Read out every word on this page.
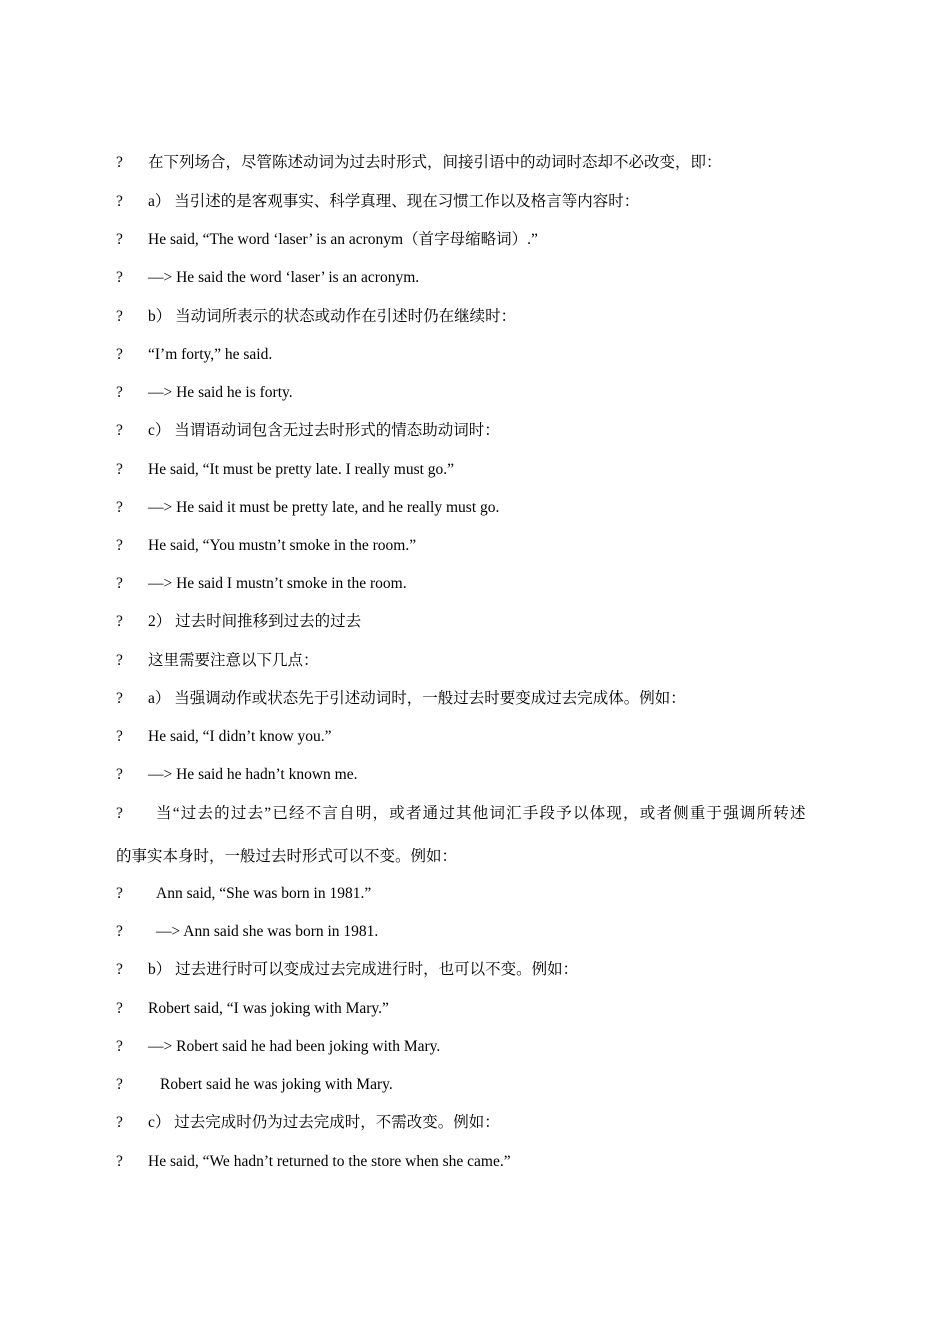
?	在下列场合，尽管陈述动词为过去时形式，间接引语中的动词时态却不必改变，即：
?	a） 当引述的是客观事实、科学真理、现在习惯工作以及格言等内容时：
?	He said, “The word ‘laser’ is an acronym（首字母缩略词）.”
?	—> He said the word ‘laser’ is an acronym.
?	b） 当动词所表示的状态或动作在引述时仍在继续时：
?	“I’m forty,” he said.
?	—> He said he is forty.
?	c） 当谓语动词包含无过去时形式的情态助动词时：
?	He said, “It must be pretty late. I really must go.”
?	—> He said it must be pretty late, and he really must go.
?	He said, “You mustn’t smoke in the room.”
?	—> He said I mustn’t smoke in the room.
?	2） 过去时间推移到过去的过去
?	这里需要注意以下几点：
?	a） 当强调动作或状态先于引述动词时，一般过去时要变成过去完成体。例如：
?	He said, “I didn’t know you.”
?	—> He said he hadn’t known me.
?	当“过去的过去”已经不言自明，或者通过其他词汇手段予以体现，或者侧重于强调所转述
的事实本身时，一般过去时形式可以不变。例如：
?	Ann said, “She was born in 1981.”
?	—> Ann said she was born in 1981.
?	b） 过去进行时可以变成过去完成进行时，也可以不变。例如：
?	Robert said, “I was joking with Mary.”
?	—> Robert said he had been joking with Mary.
?	Robert said he was joking with Mary.
?	c） 过去完成时仍为过去完成时，不需改变。例如：
?	He said, “We hadn’t returned to the store when she came.”
